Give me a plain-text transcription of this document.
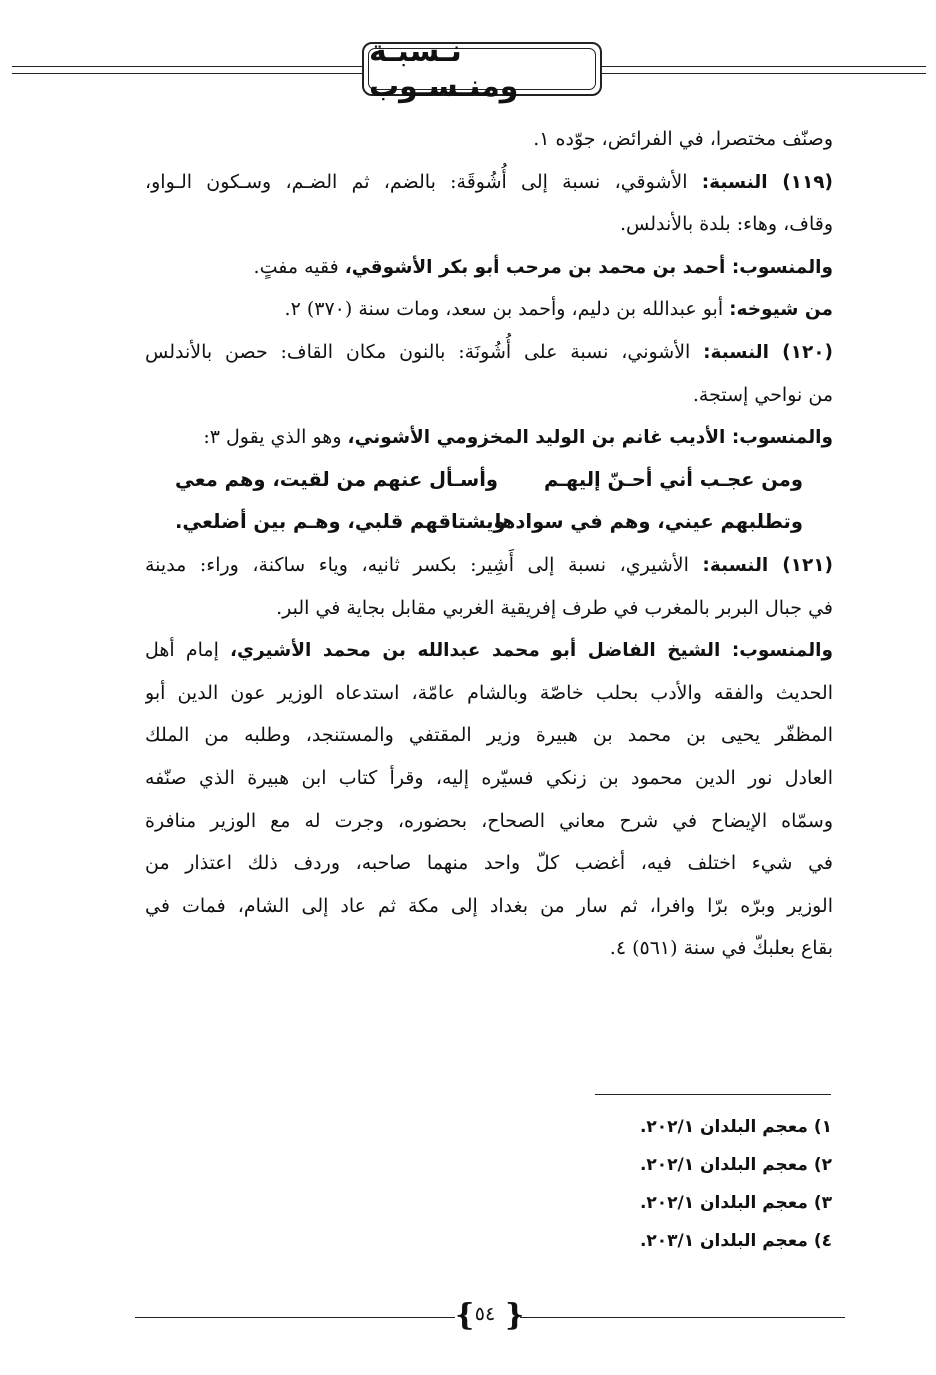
نـسبـة ومنـسـوب
وصنّف مختصرا، في الفرائض، جوّده ١.
(١١٩) النسبة: الأشوقي، نسبة إلى أُشُوقَة: بالضم، ثم الضـم، وسـكون الـواو،
وقاف، وهاء: بلدة بالأندلس.
والمنسوب: أحمد بن محمد بن مرحب أبو بكر الأشوقي، فقيه مفتٍ.
من شيوخه: أبو عبدالله بن دليم، وأحمد بن سعد، ومات سنة (٣٧٠) ٢.
(١٢٠) النسبة: الأشوني، نسبة على أُشُونَة: بالنون مكان القاف: حصن بالأندلس
من نواحي إستجة.
والمنسوب: الأديب غانم بن الوليد المخزومي الأشوني، وهو الذي يقول ٣:
ومن عجـب أني أحـنّ إليهـم
وأسـأل عنهم من لقيت، وهم معي
وتطلبهم عيني، وهم في سوادها
ويشتاقهم قلبي، وهـم بين أضلعي.
(١٢١) النسبة: الأشيري، نسبة إلى أَشِير: بكسر ثانيه، وياء ساكنة، وراء: مدينة
في جبال البربر بالمغرب في طرف إفريقية الغربي مقابل بجاية في البر.
والمنسوب: الشيخ الفاضل أبو محمد عبدالله بن محمد الأشيري، إمام أهل
الحديث والفقه والأدب بحلب خاصّة وبالشام عامّة، استدعاه الوزير عون الدين أبو
المظفّر يحيى بن محمد بن هبيرة وزير المقتفي والمستنجد، وطلبه من الملك
العادل نور الدين محمود بن زنكي فسيّره إليه، وقرأ كتاب ابن هبيرة الذي صنّفه
وسمّاه الإيضاح في شرح معاني الصحاح، بحضوره، وجرت له مع الوزير منافرة
في شيء اختلف فيه، أغضب كلّ واحد منهما صاحبه، وردف ذلك اعتذار من
الوزير وبرّه برّا وافرا، ثم سار من بغداد إلى مكة ثم عاد إلى الشام، فمات في
بقاع بعلبكّ في سنة (٥٦١) ٤.
١) معجم البلدان ٢٠٢/١.
٢) معجم البلدان ٢٠٢/١.
٣) معجم البلدان ٢٠٢/١.
٤) معجم البلدان ٢٠٣/١.
{ ٥٤ }
